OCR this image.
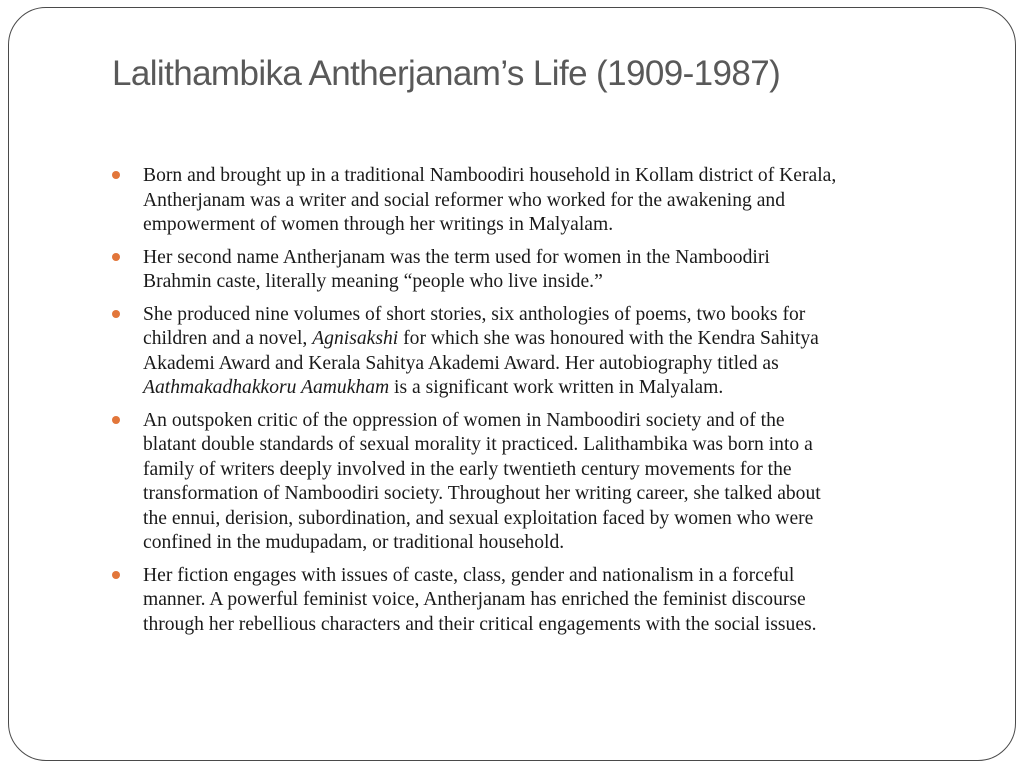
Lalithambika Antherjanam’s Life (1909-1987)
Born and brought up in a traditional Namboodiri household in Kollam district of Kerala,
Antherjanam was a writer and social reformer who worked for the awakening and
empowerment of women through her writings in Malyalam.
Her second name Antherjanam was the term used for women in the Namboodiri
Brahmin caste, literally meaning “people who live inside.”
She produced nine volumes of short stories, six anthologies of poems, two books for
children and a novel, Agnisakshi for which she was honoured with the Kendra Sahitya
Akademi Award and Kerala Sahitya Akademi Award. Her autobiography titled as
Aathmakadhakkoru Aamukham is a significant work written in Malyalam.
An outspoken critic of the oppression of women in Namboodiri society and of the
blatant double standards of sexual morality it practiced. Lalithambika was born into a
family of writers deeply involved in the early twentieth century movements for the
transformation of Namboodiri society. Throughout her writing career, she talked about
the ennui, derision, subordination, and sexual exploitation faced by women who were
confined in the mudupadam, or traditional household.
Her fiction engages with issues of caste, class, gender and nationalism in a forceful
manner. A powerful feminist voice, Antherjanam has enriched the feminist discourse
through her rebellious characters and their critical engagements with the social issues.
